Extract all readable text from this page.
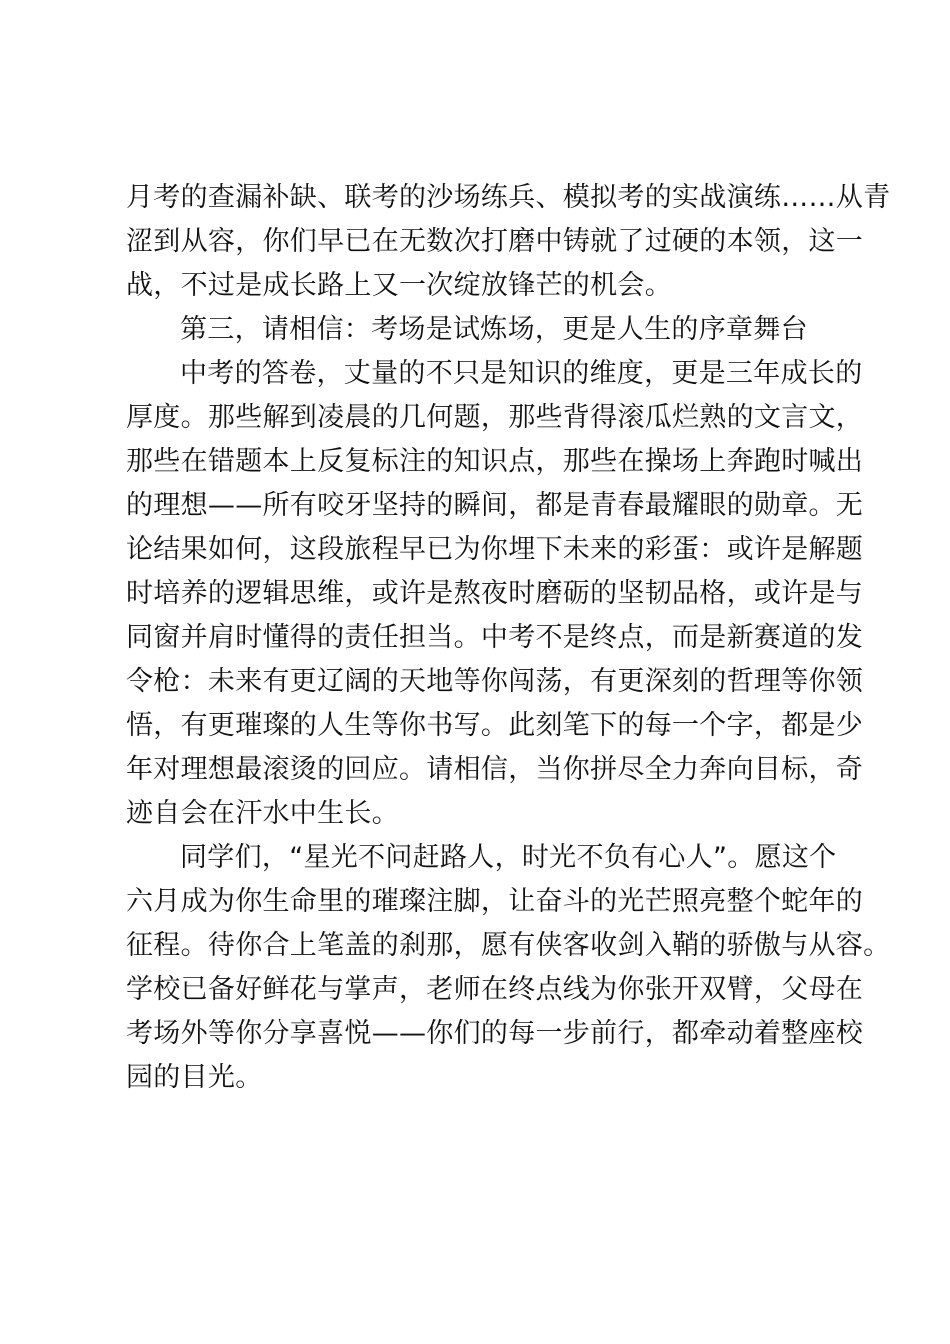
月考的查漏补缺、联考的沙场练兵、模拟考的实战演练……从青
涩到从容，你们早已在无数次打磨中铸就了过硬的本领，这一
战，不过是成长路上又一次绽放锋芒的机会。
第三，请相信：考场是试炼场，更是人生的序章舞台
中考的答卷，丈量的不只是知识的维度，更是三年成长的
厚度。那些解到凌晨的几何题，那些背得滚瓜烂熟的文言文，
那些在错题本上反复标注的知识点，那些在操场上奔跑时喊出
的理想——所有咬牙坚持的瞬间，都是青春最耀眼的勋章。无
论结果如何，这段旅程早已为你埋下未来的彩蛋：或许是解题
时培养的逻辑思维，或许是熬夜时磨砺的坚韧品格，或许是与
同窗并肩时懂得的责任担当。中考不是终点，而是新赛道的发
令枪：未来有更辽阔的天地等你闯荡，有更深刻的哲理等你领
悟，有更璀璨的人生等你书写。此刻笔下的每一个字，都是少
年对理想最滚烫的回应。请相信，当你拼尽全力奔向目标，奇
迹自会在汗水中生长。
同学们，“星光不问赶路人，时光不负有心人”。愿这个
六月成为你生命里的璀璨注脚，让奋斗的光芒照亮整个蛇年的
征程。待你合上笔盖的刹那，愿有侠客收剑入鞘的骄傲与从容。
学校已备好鲜花与掌声，老师在终点线为你张开双臂，父母在
考场外等你分享喜悦——你们的每一步前行，都牵动着整座校
园的目光。
